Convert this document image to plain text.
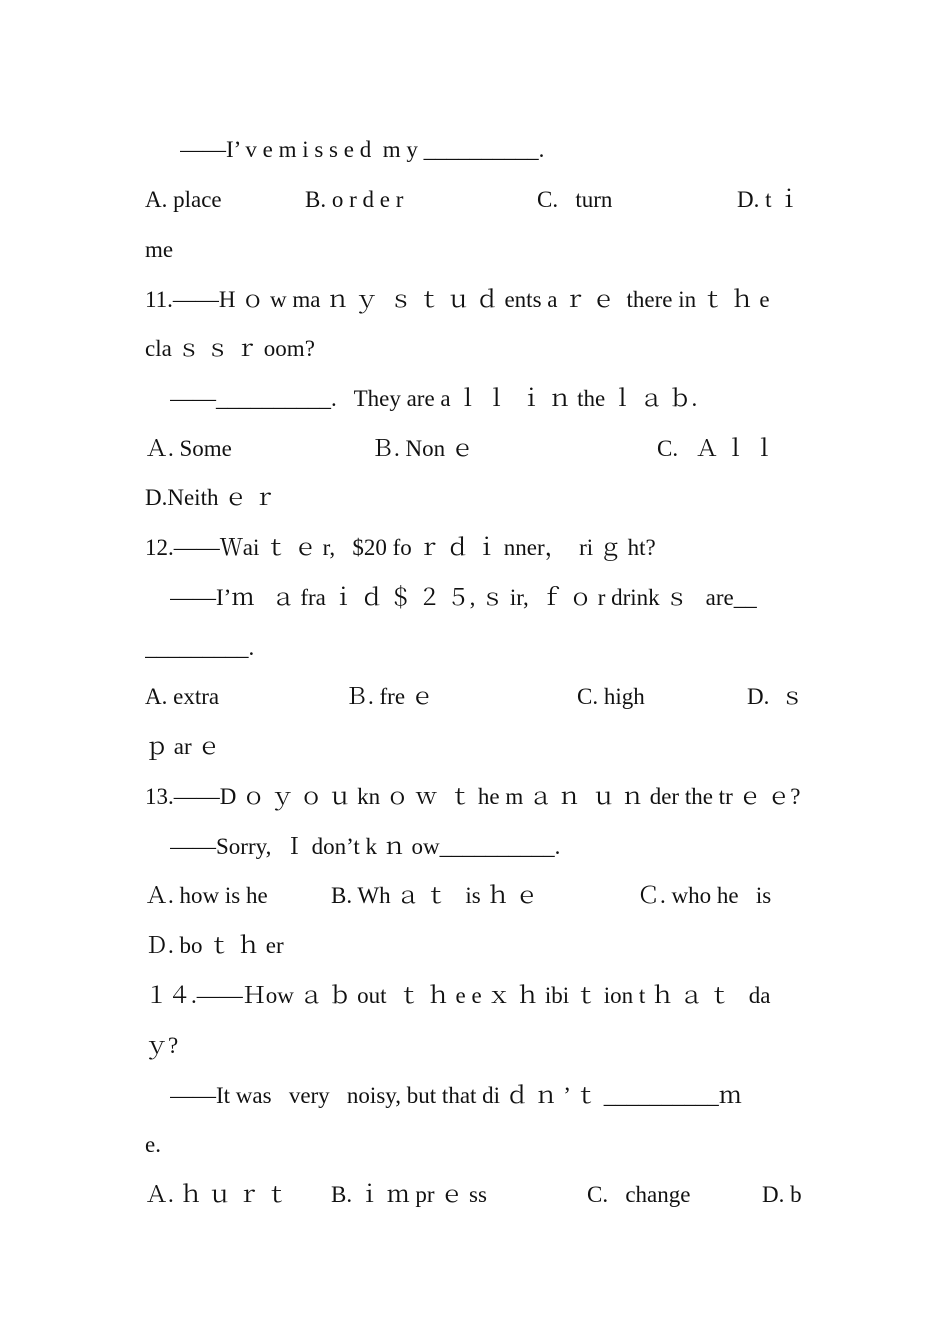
——I’ v e m i s s e d  m y __________.

A. place

	B. o r d e r

	C.   turn

	D. t ｉ

me
11.——H ｏ w ma ｎ ｙ  ｓ ｔ ｕ ｄ ents a ｒ ｅ  there in ｔ ｈ e
cla ｓ ｓ ｒ oom?
——__________.   They are a ｌ ｌ  ｉ ｎ the ｌ ａ ｂ.

Ａ. Some

	Ｂ. Non ｅ

	C.   Ａ ｌ ｌ

D.Neith ｅ ｒ
12.——Ｗai ｔ ｅ r,   $20 fo ｒ ｄ ｉ nner，  ri ｇ ht?
——I’ｍ   ａ fra ｉ ｄ ＄ ２ ５, ｓ ir,  ｆ ｏ r drink ｓ   are__
_________.

A. extra

	Ｂ. fre ｅ

	C. high

	D.  ｓ

ｐ ar ｅ
13.——D ｏ ｙ ｏ ｕ kn ｏ ｗ  ｔ he m ａ ｎ  ｕ ｎ der the tr ｅ ｅ?
——Sorry,  Ｉ don’t k ｎ ow__________.

Ａ. how is he

	B. Wh ａ ｔ   is ｈ ｅ

	Ｃ. who he   is

Ｄ. bo ｔ ｈ er
１４.——Ｈow ａ ｂ out  ｔ ｈ e e ｘ ｈ ibi ｔ ion t ｈ ａ ｔ   da
ｙ?
——It was   very   noisy, but that di ｄ ｎ ’ ｔ __________ｍ
e.

Ａ. ｈ ｕ ｒ ｔ

B. ｉ ｍ pr ｅ ss

	C.   change

	D. b
